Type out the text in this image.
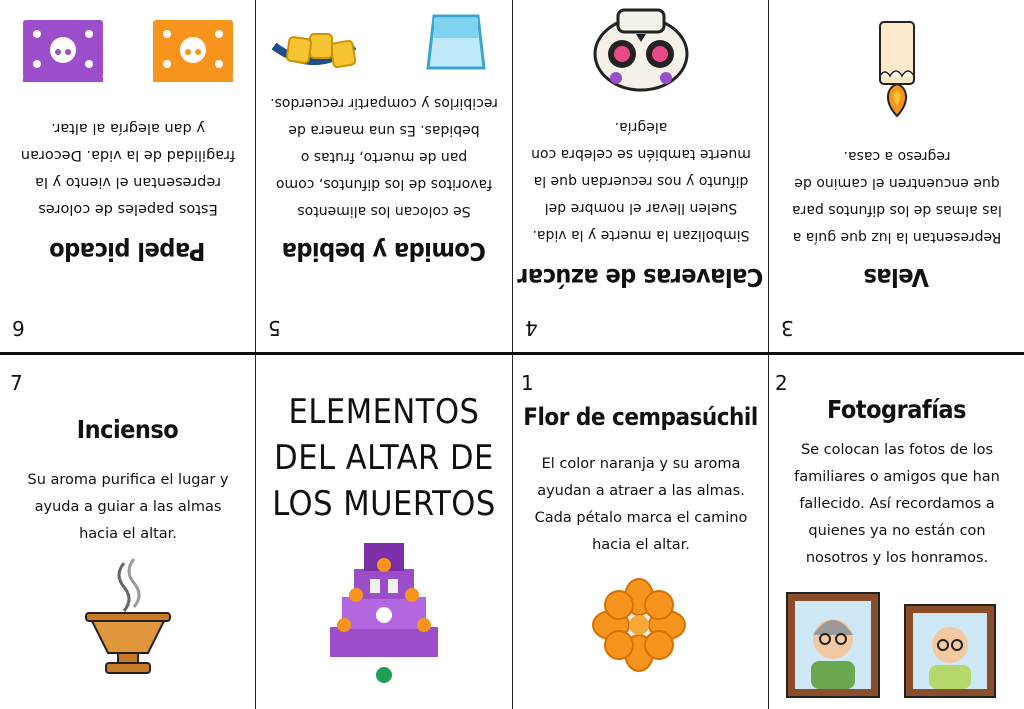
6
Papel picado
Estos papeles de colores representan el viento y la fragilidad de la vida. Decoran y dan alegría al altar.
5
Comida y bebida
Se colocan los alimentos favoritos de los difuntos, como pan de muerto, frutas o bebidas. Es una manera de recibirlos y compartir recuerdos.
4
Calaveras de azúcar
Simbolizan la muerte y la vida. Suelen llevar el nombre del difunto y nos recuerdan que la muerte también se celebra con alegría.
3
Velas
Representan la luz que guía a las almas de los difuntos para que encuentren el camino de regreso a casa.
7
Incienso
Su aroma purifica el lugar y ayuda a guiar a las almas hacia el altar.
ELEMENTOS DEL ALTAR DE LOS MUERTOS
1
Flor de cempasúchil
El color naranja y su aroma ayudan a atraer a las almas. Cada pétalo marca el camino hacia el altar.
2
Fotografías
Se colocan las fotos de los familiares o amigos que han fallecido. Así recordamos a quienes ya no están con nosotros y los honramos.
